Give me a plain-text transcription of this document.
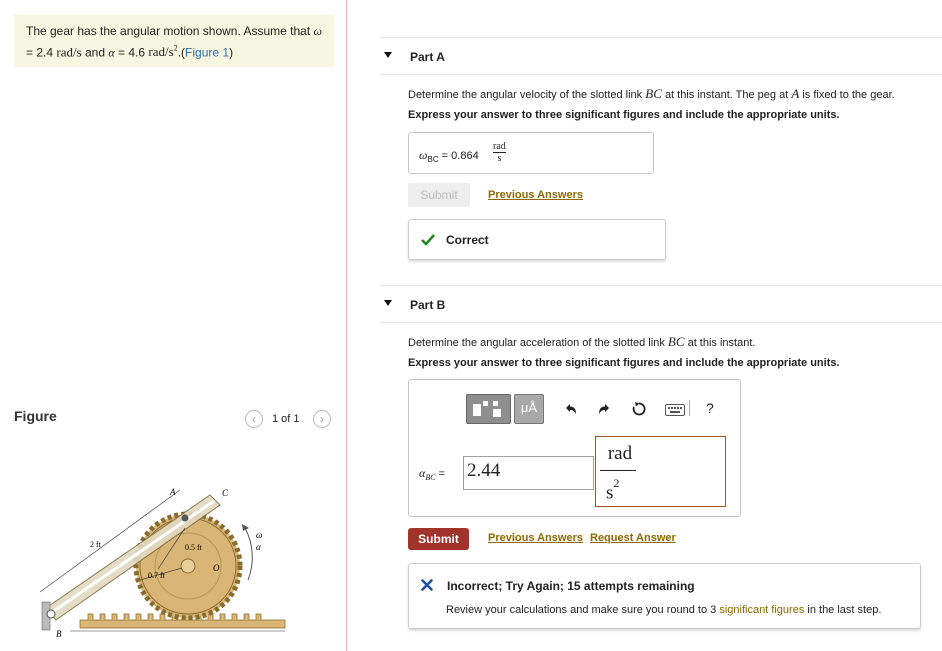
The gear has the angular motion shown. Assume that ω
= 2.4 rad/s and α = 4.6 rad/$s^2.(Figure$ 1)
Figure	‹	1 of 1	›
A	C
B
O
2 ft	0.5 ft
0.7 ft
ω
α
Part A
Determine the angular velocity of the slotted link BC at this instant. The peg at A is fixed to the gear.
Express your answer to three significant figures and include the appropriate units.
$\omega_{BC} = 0.864$
rad
s
Submit	Previous Answers
Correct
Part B
Determine the angular acceleration of the slotted link BC at this instant.
Express your answer to three significant figures and include the appropriate units.
μÅ	?
$\alpha_{BC} = 2.44$
rad
$s^2$
Submit	Previous Answers Request Answer
Incorrect; Try Again; 15 attempts remaining
Review your calculations and make sure you round to 3 significant figures in the last step.
